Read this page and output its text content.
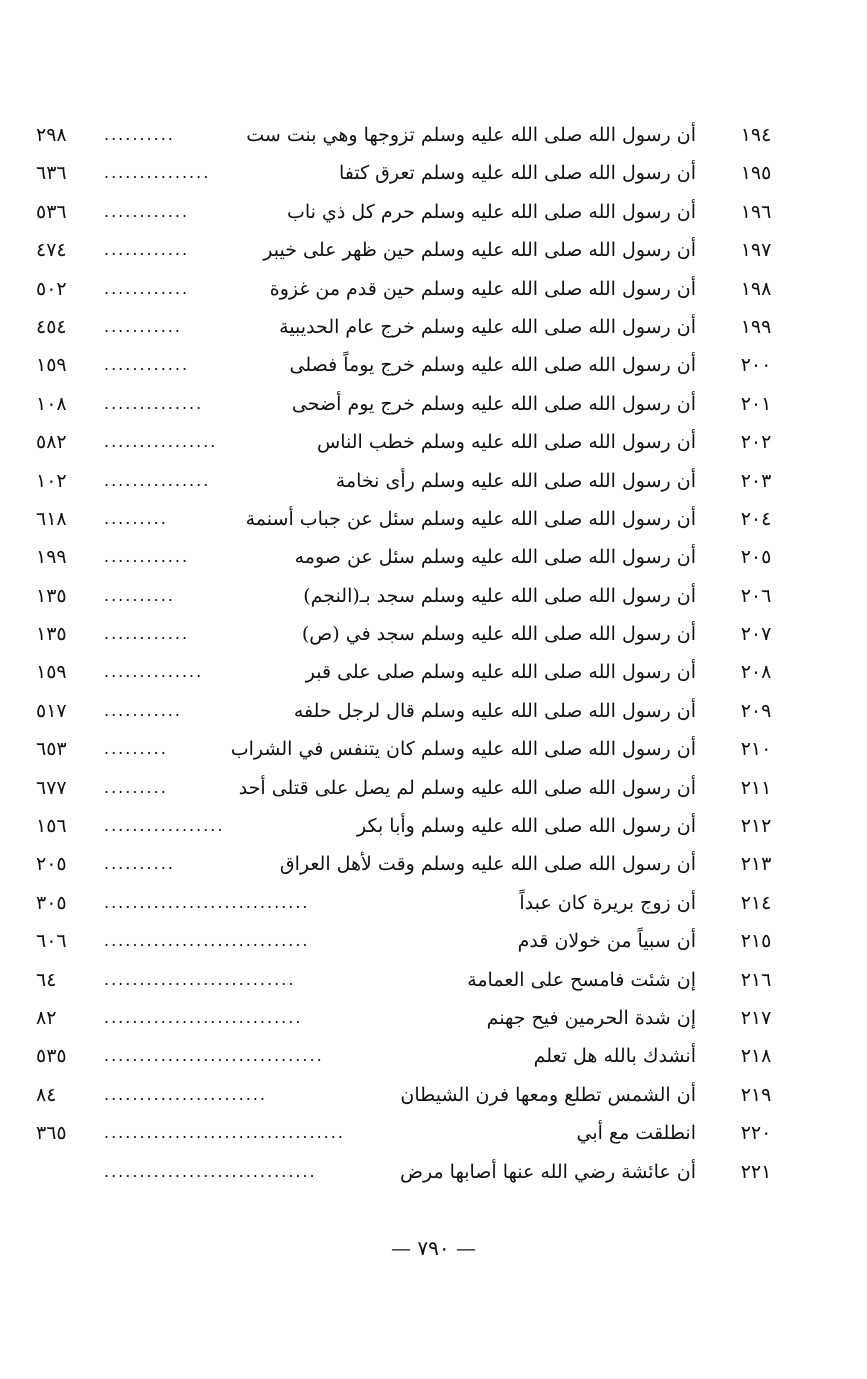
١٩٤
أن رسول الله صلى الله عليه وسلم تزوجها وهي بنت ست
..........
٢٩٨
١٩٥
أن رسول الله صلى الله عليه وسلم تعرق كتفا
...............
٦٣٦
١٩٦
أن رسول الله صلى الله عليه وسلم حرم كل ذي ناب
............
٥٣٦
١٩٧
أن رسول الله صلى الله عليه وسلم حين ظهر على خيبر
............
٤٧٤
١٩٨
أن رسول الله صلى الله عليه وسلم حين قدم من غزوة
............
٥٠٢
١٩٩
أن رسول الله صلى الله عليه وسلم خرج عام الحديبية
...........
٤٥٤
٢٠٠
أن رسول الله صلى الله عليه وسلم خرج يوماً فصلى
............
١٥٩
٢٠١
أن رسول الله صلى الله عليه وسلم خرج يوم أضحى
..............
١٠٨
٢٠٢
أن رسول الله صلى الله عليه وسلم خطب الناس
................
٥٨٢
٢٠٣
أن رسول الله صلى الله عليه وسلم رأى نخامة
...............
١٠٢
٢٠٤
أن رسول الله صلى الله عليه وسلم سئل عن جباب أسنمة
.........
٦١٨
٢٠٥
أن رسول الله صلى الله عليه وسلم سئل عن صومه
............
١٩٩
٢٠٦
أن رسول الله صلى الله عليه وسلم سجد بـ(النجم)
..........
١٣٥
٢٠٧
أن رسول الله صلى الله عليه وسلم سجد في (ص)
............
١٣٥
٢٠٨
أن رسول الله صلى الله عليه وسلم صلى على قبر
..............
١٥٩
٢٠٩
أن رسول الله صلى الله عليه وسلم قال لرجل حلفه
...........
٥١٧
٢١٠
أن رسول الله صلى الله عليه وسلم كان يتنفس في الشراب
.........
٦٥٣
٢١١
أن رسول الله صلى الله عليه وسلم لم يصل على قتلى أحد
.........
٦٧٧
٢١٢
أن رسول الله صلى الله عليه وسلم وأبا بكر
.................
١٥٦
٢١٣
أن رسول الله صلى الله عليه وسلم وقت لأهل العراق
..........
٢٠٥
٢١٤
أن زوج بريرة كان عبداً
.............................
٣٠٥
٢١٥
أن سبياً من خولان قدم
.............................
٦٠٦
٢١٦
إن شئت فامسح على العمامة
...........................
٦٤
٢١٧
إن شدة الحرمين فيح جهنم
............................
٨٢
٢١٨
أنشدك بالله هل تعلم
...............................
٥٣٥
٢١٩
أن الشمس تطلع ومعها فرن الشيطان
.......................
٨٤
٢٢٠
انطلقت مع أبي
..................................
٣٦٥
٢٢١
أن عائشة رضي الله عنها أصابها مرض
..............................
— ٧٩٠ —
